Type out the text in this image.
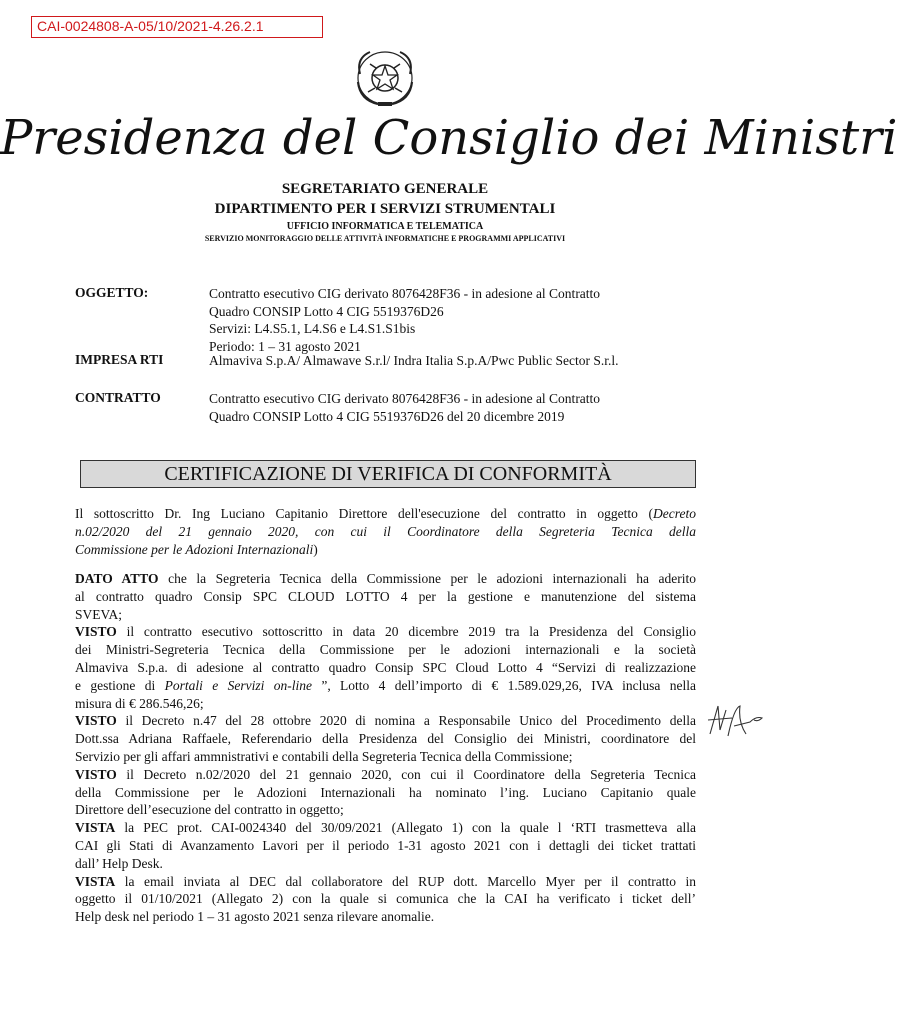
CAI-0024808-A-05/10/2021-4.26.2.1
Presidenza del Consiglio dei Ministri
SEGRETARIATO GENERALE
DIPARTIMENTO PER I SERVIZI STRUMENTALI
UFFICIO INFORMATICA E TELEMATICA
SERVIZIO MONITORAGGIO DELLE ATTIVITÀ INFORMATICHE E PROGRAMMI APPLICATIVI
OGGETTO:	Contratto esecutivo CIG derivato 8076428F36 - in adesione al Contratto
Quadro CONSIP Lotto 4 CIG 5519376D26
Servizi: L4.S5.1, L4.S6 e L4.S1.S1bis
Periodo: 1 – 31 agosto 2021
IMPRESA RTI	Almaviva S.p.A/ Almawave S.r.l/ Indra Italia S.p.A/Pwc Public Sector S.r.l.
CONTRATTO	Contratto esecutivo CIG derivato 8076428F36 - in adesione al Contratto
Quadro CONSIP Lotto 4 CIG 5519376D26 del 20 dicembre 2019
CERTIFICAZIONE DI VERIFICA DI CONFORMITÀ
Il sottoscritto Dr. Ing Luciano Capitanio Direttore dell'esecuzione del contratto in oggetto (Decreto
n.02/2020 del 21 gennaio 2020, con cui il Coordinatore della Segreteria Tecnica della
Commissione per le Adozioni Internazionali)
DATO ATTO che la Segreteria Tecnica della Commissione per le adozioni internazionali ha aderito
al contratto quadro Consip SPC CLOUD LOTTO 4 per la gestione e manutenzione del sistema
SVEVA;
VISTO il contratto esecutivo sottoscritto in data 20 dicembre 2019 tra la Presidenza del Consiglio
dei Ministri-Segreteria Tecnica della Commissione per le adozioni internazionali e la società
Almaviva S.p.a. di adesione al contratto quadro Consip SPC Cloud Lotto 4 “Servizi di realizzazione
e gestione di Portali e Servizi on-line ”, Lotto 4 dell’importo di € 1.589.029,26, IVA inclusa nella
misura di € 286.546,26;
VISTO il Decreto n.47 del 28 ottobre 2020 di nomina a Responsabile Unico del Procedimento della
Dott.ssa Adriana Raffaele, Referendario della Presidenza del Consiglio dei Ministri, coordinatore del
Servizio per gli affari ammnistrativi e contabili della Segreteria Tecnica della Commissione;
VISTO il Decreto n.02/2020 del 21 gennaio 2020, con cui il Coordinatore della Segreteria Tecnica
della Commissione per le Adozioni Internazionali ha nominato l’ing. Luciano Capitanio quale
Direttore dell’esecuzione del contratto in oggetto;
VISTA la PEC prot. CAI-0024340 del 30/09/2021 (Allegato 1) con la quale l ‘RTI trasmetteva alla
CAI gli Stati di Avanzamento Lavori per il periodo 1-31 agosto 2021 con i dettagli dei ticket trattati
dall’ Help Desk.
VISTA la email inviata al DEC dal collaboratore del RUP dott. Marcello Myer per il contratto in
oggetto il 01/10/2021 (Allegato 2) con la quale si comunica che la CAI ha verificato i ticket dell’
Help desk nel periodo 1 – 31 agosto 2021 senza rilevare anomalie.
